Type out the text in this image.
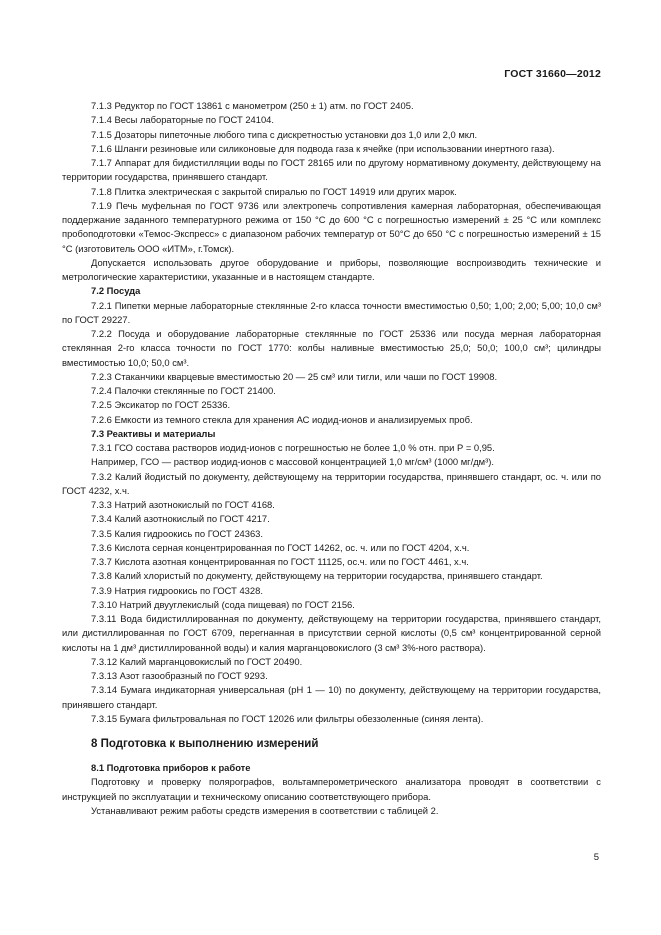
ГОСТ 31660—2012

7.1.3 Редуктор по ГОСТ 13861 с манометром (250 ± 1) атм. по ГОСТ 2405.

7.1.4 Весы лабораторные по ГОСТ 24104.

7.1.5 Дозаторы пипеточные любого типа с дискретностью установки доз 1,0 или 2,0 мкл.

7.1.6 Шланги резиновые или силиконовые для подвода газа к ячейке (при использовании инертного газа).

7.1.7 Аппарат для бидистилляции воды по ГОСТ 28165 или по другому нормативному документу, действующему на территории государства, принявшего стандарт.

7.1.8 Плитка электрическая с закрытой спиралью по ГОСТ 14919 или других марок.

7.1.9 Печь муфельная по ГОСТ 9736 или электропечь сопротивления камерная лабораторная, обеспечивающая поддержание заданного температурного режима от 150 °С до 600 °С с погрешностью измерений ± 25 °С или комплекс пробоподготовки «Темос-Экспресс» с диапазоном рабочих температур от 50°С до 650 °С с погрешностью измерений ± 15 °С (изготовитель ООО «ИТМ», г.Томск).

Допускается использовать другое оборудование и приборы, позволяющие воспроизводить технические и метрологические характеристики, указанные и в настоящем стандарте.

7.2 Посуда

7.2.1 Пипетки мерные лабораторные стеклянные 2-го класса точности вместимостью 0,50; 1,00; 2,00; 5,00; 10,0 см³ по ГОСТ 29227.

7.2.2 Посуда и оборудование лабораторные стеклянные по ГОСТ 25336 или посуда мерная лабораторная стеклянная 2-го класса точности по ГОСТ 1770: колбы наливные вместимостью 25,0; 50,0; 100,0 см³; цилиндры вместимостью 10,0; 50,0 см³.

7.2.3 Стаканчики кварцевые вместимостью 20 — 25 см³ или тигли, или чаши по ГОСТ 19908.

7.2.4 Палочки стеклянные по ГОСТ 21400.

7.2.5 Эксикатор по ГОСТ 25336.

7.2.6 Емкости из темного стекла для хранения АС иодид-ионов и анализируемых проб.

7.3 Реактивы и материалы

7.3.1 ГСО состава растворов иодид-ионов с погрешностью не более 1,0 % отн. при Р = 0,95.

Например, ГСО — раствор иодид-ионов с массовой концентрацией 1,0 мг/см³ (1000 мг/дм³).

7.3.2 Калий йодистый по документу, действующему на территории государства, принявшего стандарт, ос. ч. или по ГОСТ 4232, х.ч.

7.3.3 Натрий азотнокислый по ГОСТ 4168.

7.3.4 Калий азотнокислый по ГОСТ 4217.

7.3.5 Калия гидроокись по ГОСТ 24363.

7.3.6 Кислота серная концентрированная по ГОСТ 14262, ос. ч. или по ГОСТ 4204, х.ч.

7.3.7 Кислота азотная концентрированная по ГОСТ 11125, ос.ч. или по ГОСТ 4461, х.ч.

7.3.8 Калий хлористый по документу, действующему на территории государства, принявшего стандарт.

7.3.9 Натрия гидроокись по ГОСТ 4328.

7.3.10 Натрий двууглекислый (сода пищевая) по ГОСТ 2156.

7.3.11 Вода бидистиллированная по документу, действующему на территории государства, принявшего стандарт, или дистиллированная по ГОСТ 6709, перегнанная в присутствии серной кислоты (0,5 см³ концентрированной серной кислоты на 1 дм³ дистиллированной воды) и калия марганцовокислого (3 см³ 3%-ного раствора).

7.3.12 Калий марганцовокислый по ГОСТ 20490.

7.3.13 Азот газообразный по ГОСТ 9293.

7.3.14 Бумага индикаторная универсальная (рН 1 — 10) по документу, действующему на территории государства, принявшего стандарт.

7.3.15 Бумага фильтровальная по ГОСТ 12026 или фильтры обеззоленные (синяя лента).

8 Подготовка к выполнению измерений

8.1 Подготовка приборов к работе

Подготовку и проверку полярографов, вольтамперометрического анализатора проводят в соответствии с инструкцией по эксплуатации и техническому описанию соответствующего прибора.

Устанавливают режим работы средств измерения в соответствии с таблицей 2.

5
